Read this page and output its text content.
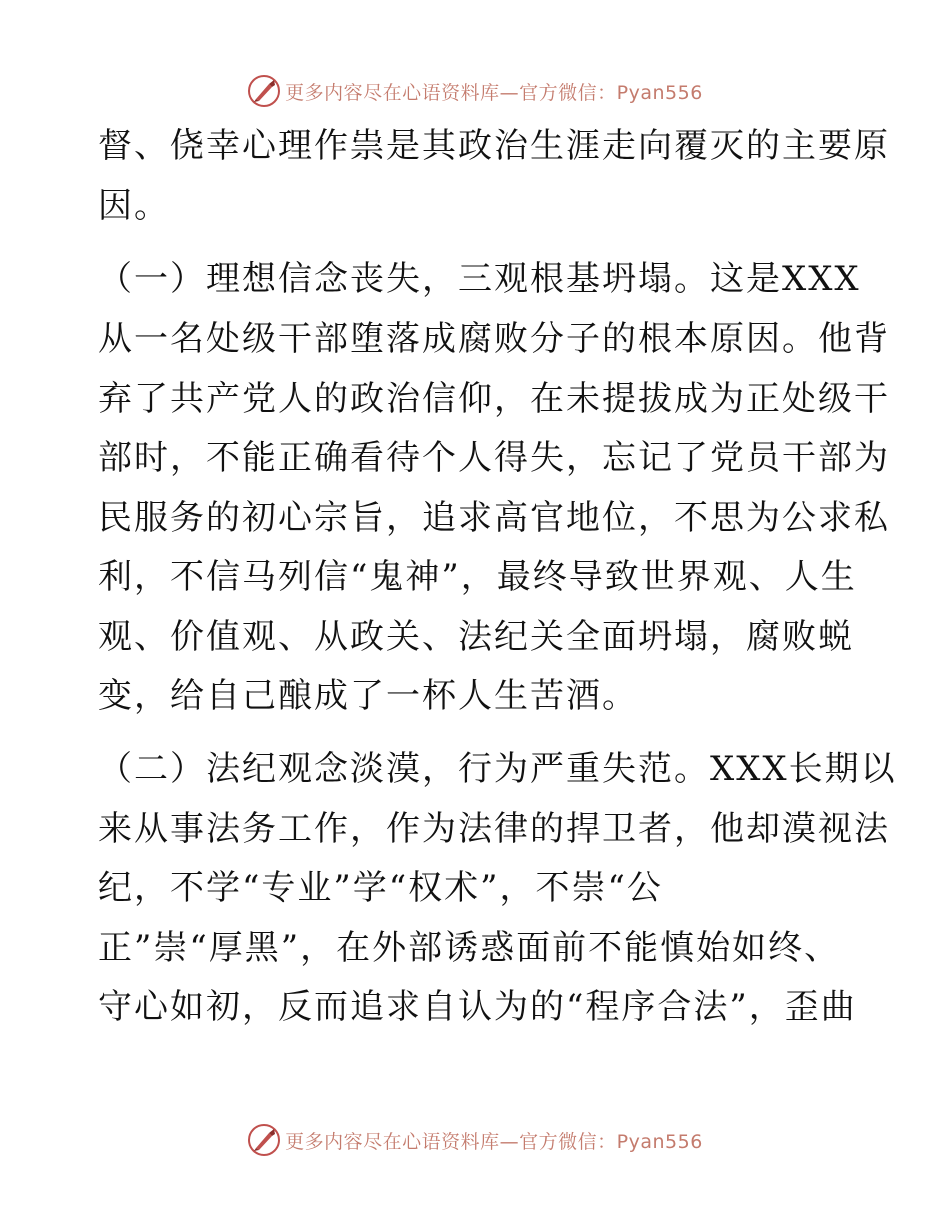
更多内容尽在心语资料库—官方微信：Pyan556
督、侥幸心理作祟是其政治生涯走向覆灭的主要原
因。
（一）理想信念丧失，三观根基坍塌。这是XXX
从一名处级干部堕落成腐败分子的根本原因。他背
弃了共产党人的政治信仰，在未提拔成为正处级干
部时，不能正确看待个人得失，忘记了党员干部为
民服务的初心宗旨，追求高官地位，不思为公求私
利，不信马列信“鬼神”，最终导致世界观、人生
观、价值观、从政关、法纪关全面坍塌，腐败蜕
变，给自己酿成了一杯人生苦酒。
（二）法纪观念淡漠，行为严重失范。XXX长期以
来从事法务工作，作为法律的捍卫者，他却漠视法
纪，不学“专业”学“权术”，不崇“公
正”崇“厚黑”，在外部诱惑面前不能慎始如终、
守心如初，反而追求自认为的“程序合法”，歪曲
更多内容尽在心语资料库—官方微信：Pyan556
